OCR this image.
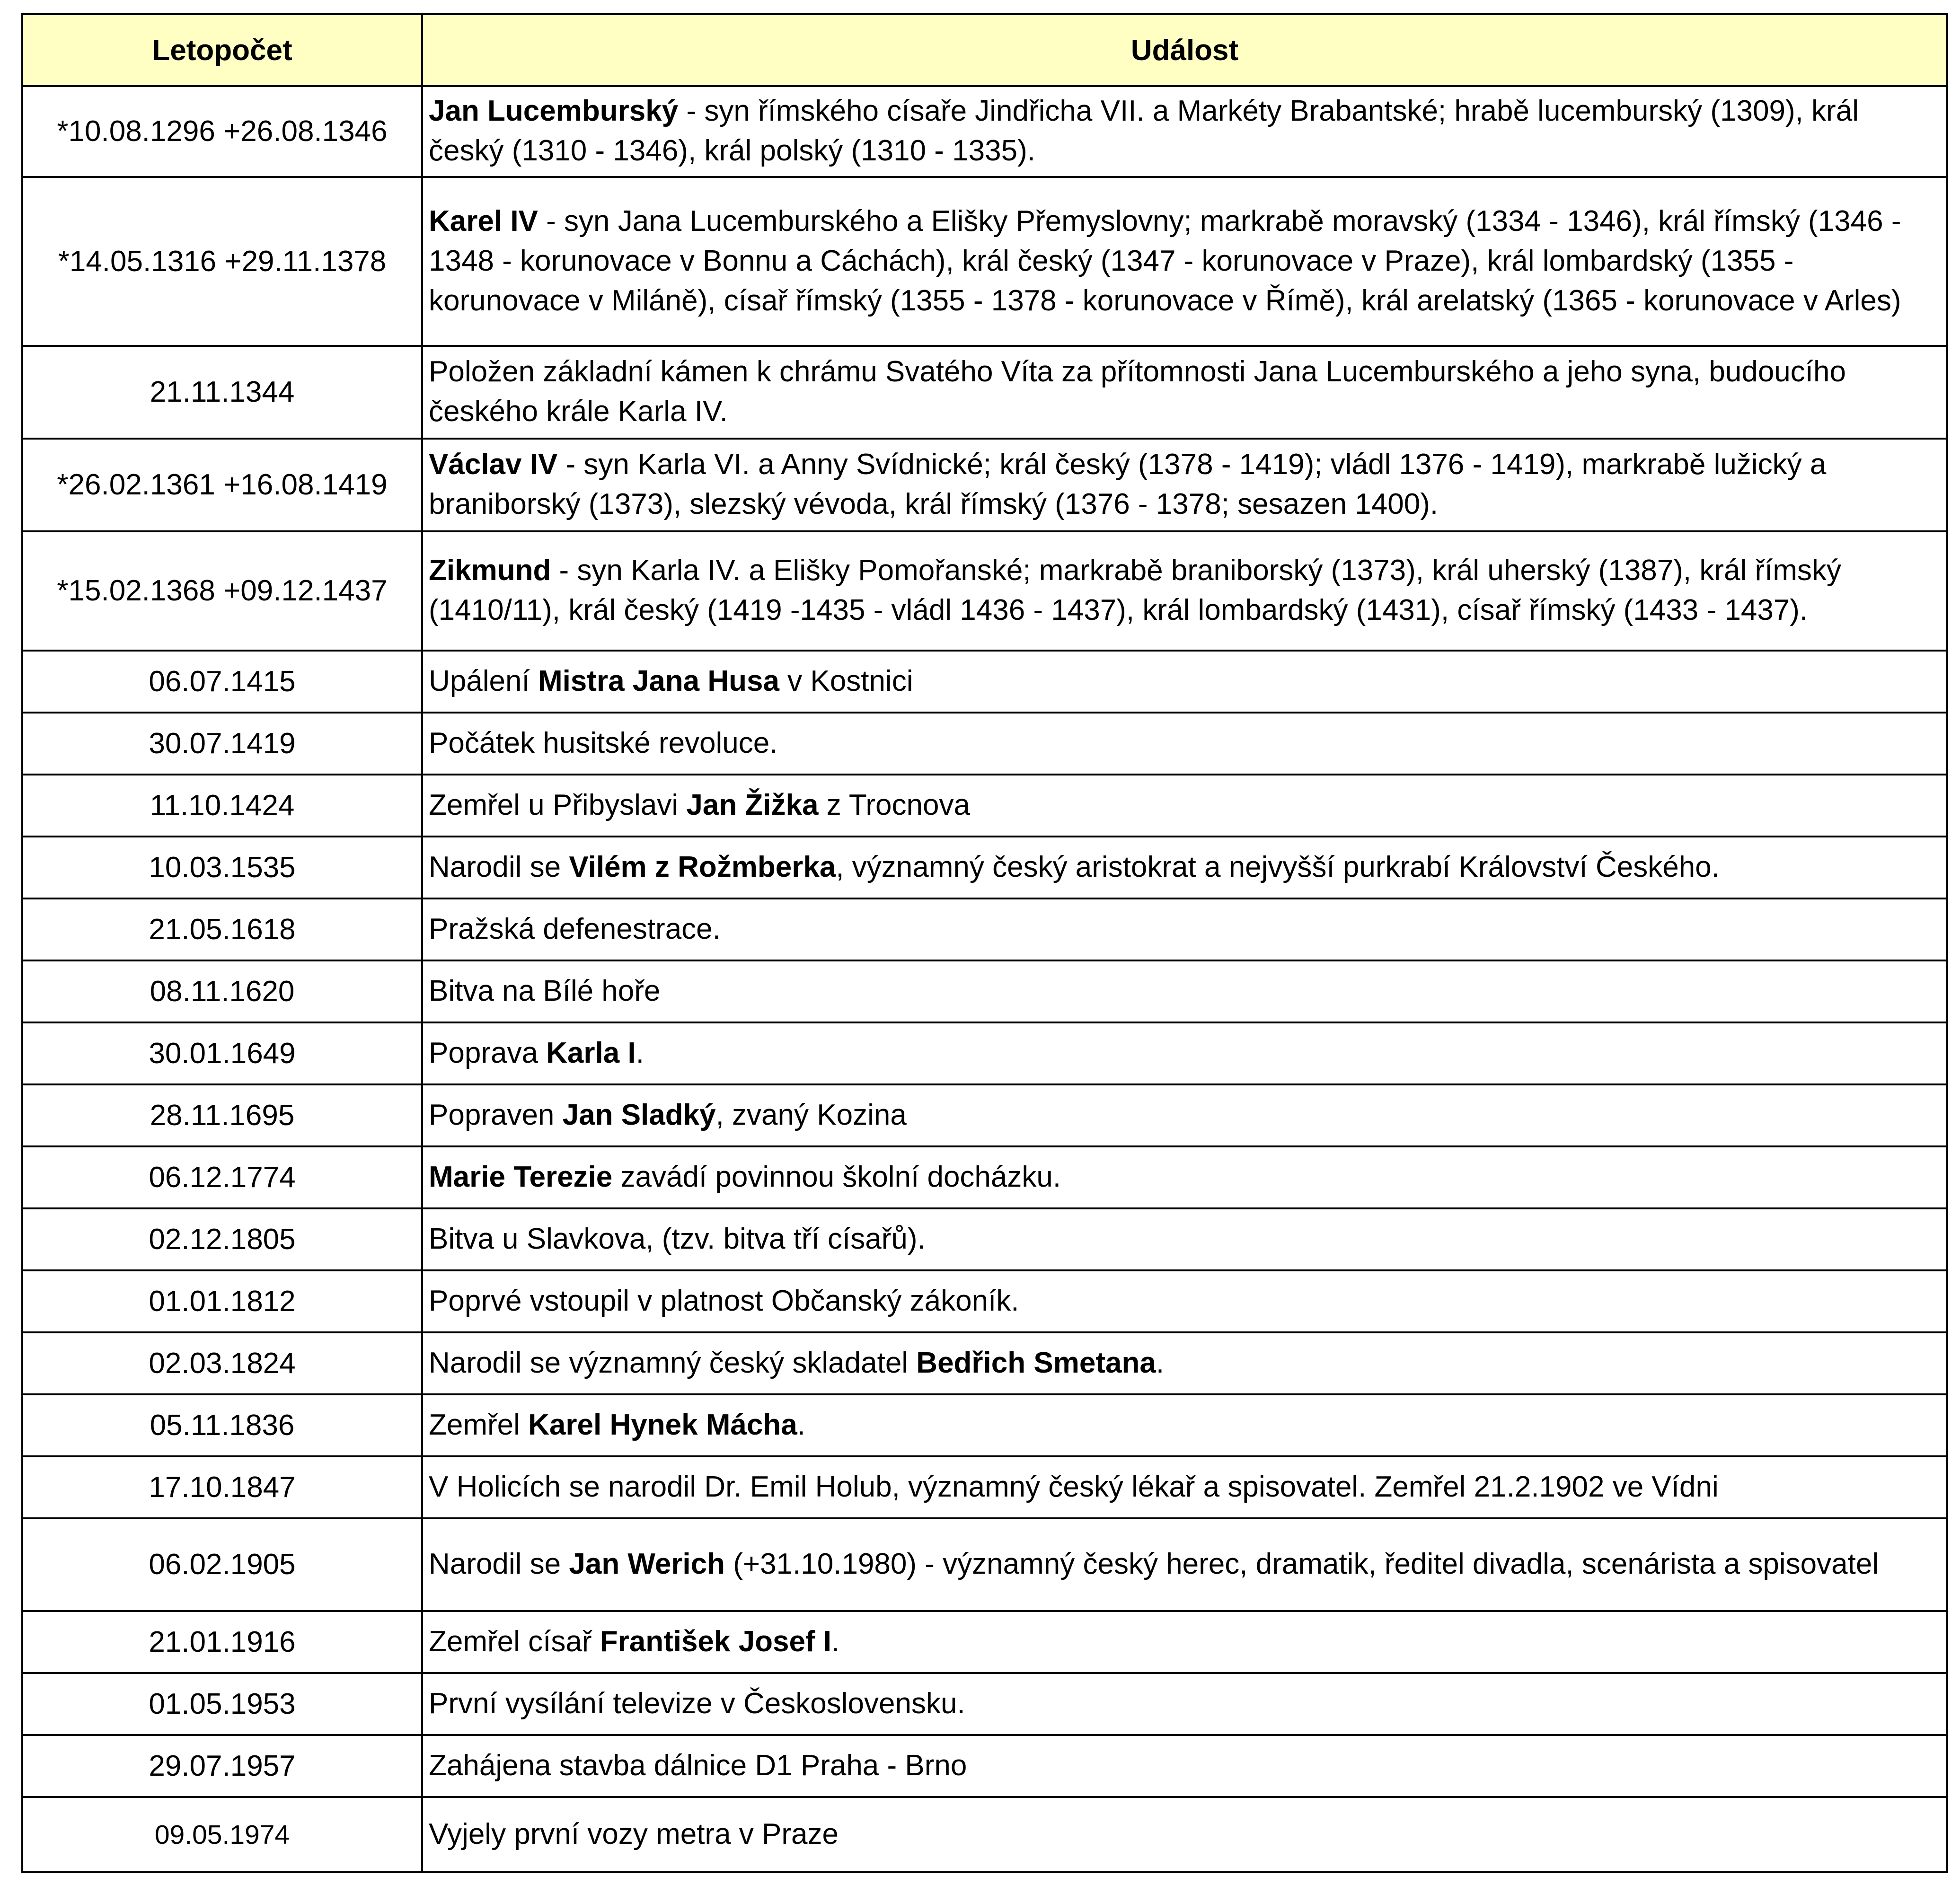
Letopočet	Událost
*10.08.1296 +26.08.1346	Jan Lucemburský - syn římského císaře Jindřicha VII. a Markéty Brabantské; hrabě lucemburský (1309), král český (1310 - 1346), král polský (1310 - 1335).
*14.05.1316 +29.11.1378	Karel IV - syn Jana Lucemburského a Elišky Přemyslovny; markrabě moravský (1334 - 1346), král římský (1346 - 1348 - korunovace v Bonnu a Cáchách), král český (1347 - korunovace v Praze), král lombardský (1355 - korunovace v Miláně), císař římský (1355 - 1378 - korunovace v Římě), král arelatský (1365 - korunovace v Arles)
21.11.1344	Položen základní kámen k chrámu Svatého Víta za přítomnosti Jana Lucemburského a jeho syna, budoucího českého krále Karla IV.
*26.02.1361 +16.08.1419	Václav IV - syn Karla VI. a Anny Svídnické; král český (1378 - 1419); vládl 1376 - 1419), markrabě lužický a braniborský (1373), slezský vévoda, král římský (1376 - 1378; sesazen 1400).
*15.02.1368 +09.12.1437	Zikmund - syn Karla IV. a Elišky Pomořanské; markrabě braniborský (1373), král uherský (1387), král římský (1410/11), král český (1419 -1435 - vládl 1436 - 1437), král lombardský (1431), císař římský (1433 - 1437).
06.07.1415	Upálení Mistra Jana Husa v Kostnici
30.07.1419	Počátek husitské revoluce.
11.10.1424	Zemřel u Přibyslavi Jan Žižka z Trocnova
10.03.1535	Narodil se Vilém z Rožmberka, významný český aristokrat a nejvyšší purkrabí Království Českého.
21.05.1618	Pražská defenestrace.
08.11.1620	Bitva na Bílé hoře
30.01.1649	Poprava Karla I.
28.11.1695	Popraven Jan Sladký, zvaný Kozina
06.12.1774	Marie Terezie zavádí povinnou školní docházku.
02.12.1805	Bitva u Slavkova, (tzv. bitva tří císařů).
01.01.1812	Poprvé vstoupil v platnost Občanský zákoník.
02.03.1824	Narodil se významný český skladatel Bedřich Smetana.
05.11.1836	Zemřel Karel Hynek Mácha.
17.10.1847	V Holicích se narodil Dr. Emil Holub, významný český lékař a spisovatel. Zemřel 21.2.1902 ve Vídni
06.02.1905	Narodil se Jan Werich (+31.10.1980) - významný český herec, dramatik, ředitel divadla, scenárista a spisovatel
21.01.1916	Zemřel císař František Josef I.
01.05.1953	První vysílání televize v Československu.
29.07.1957	Zahájena stavba dálnice D1 Praha - Brno
09.05.1974	Vyjely první vozy metra v Praze
